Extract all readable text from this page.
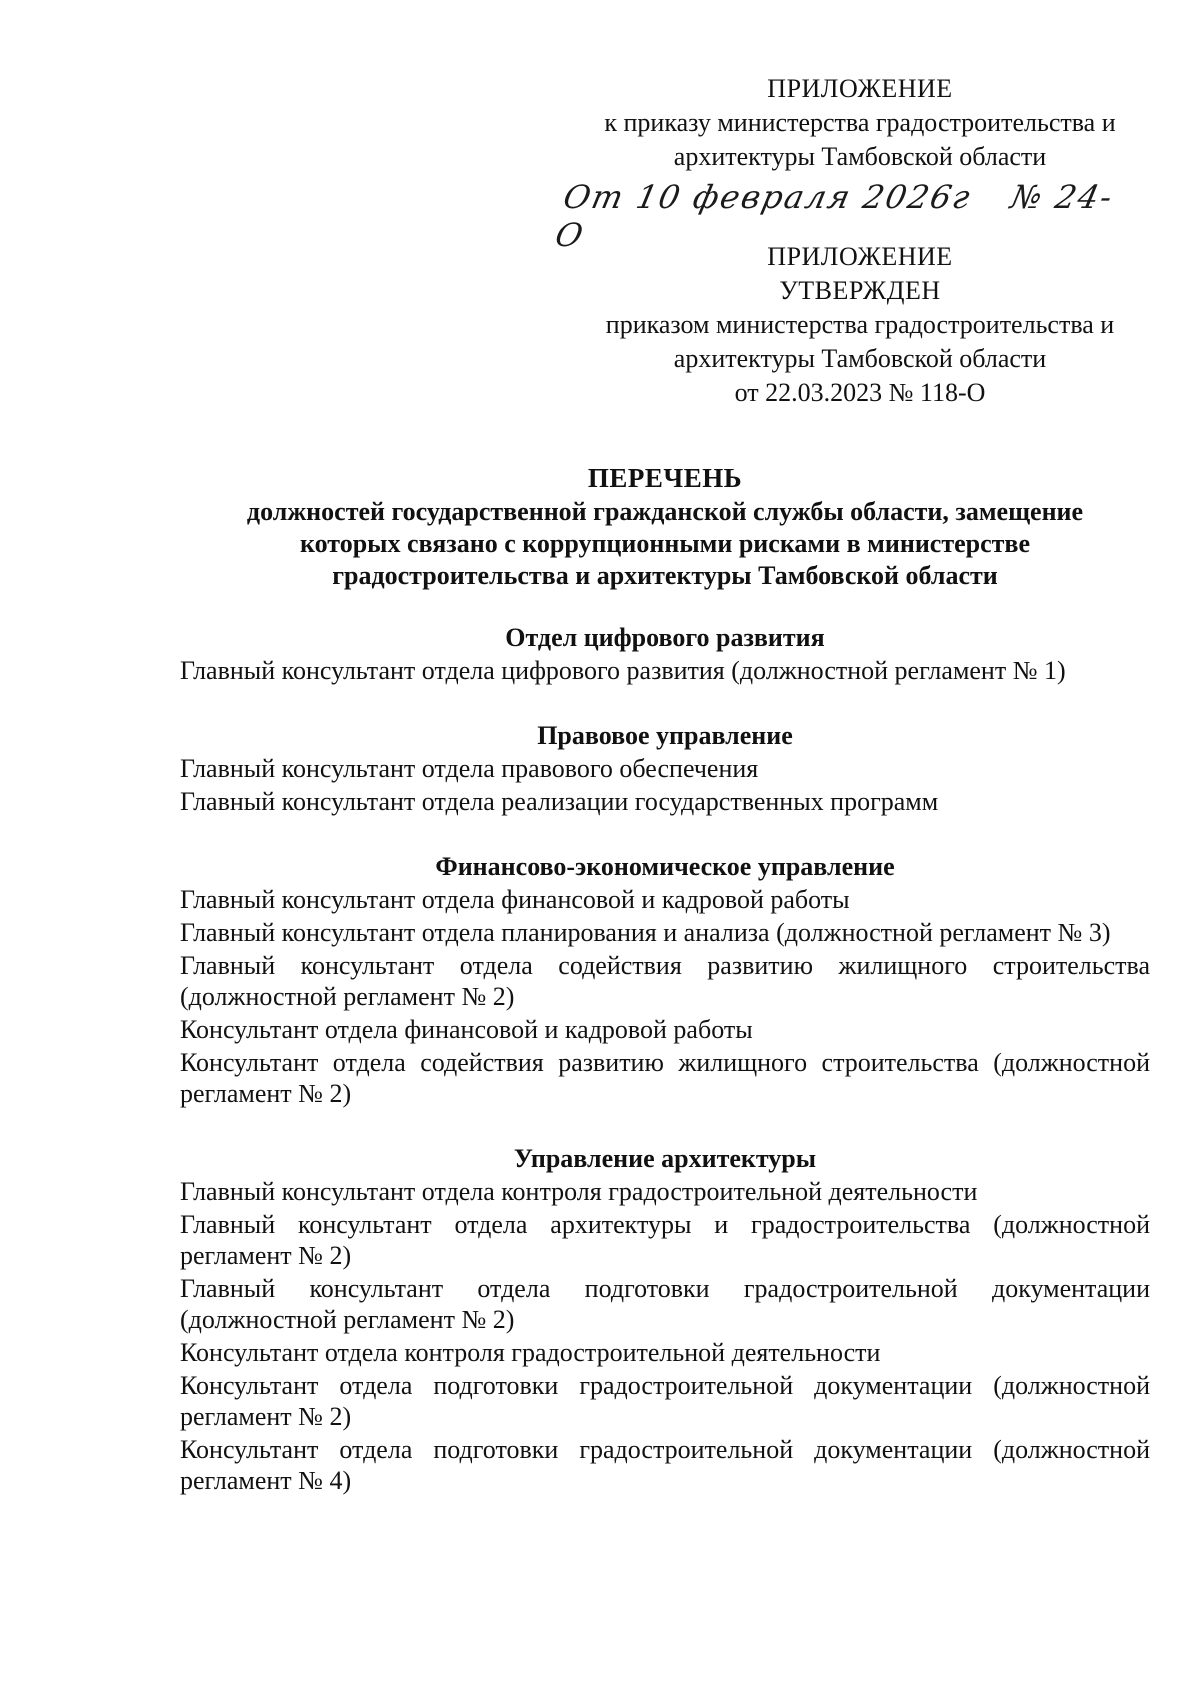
ПРИЛОЖЕНИЕ
к приказу министерства градостроительства и
архитектуры Тамбовской области
От 10 февраля 2026г № 24-О
ПРИЛОЖЕНИЕ
УТВЕРЖДЕН
приказом министерства градостроительства и
архитектуры Тамбовской области
от 22.03.2023 № 118-О
ПЕРЕЧЕНЬ
должностей государственной гражданской службы области, замещение
которых связано с коррупционными рисками в министерстве
градостроительства и архитектуры Тамбовской области
Отдел цифрового развития
Главный консультант отдела цифрового развития (должностной регламент № 1)
Правовое управление
Главный консультант отдела правового обеспечения
Главный консультант отдела реализации государственных программ
Финансово-экономическое управление
Главный консультант отдела финансовой и кадровой работы
Главный консультант отдела планирования и анализа (должностной регламент № 3)
Главный консультант отдела содействия развитию жилищного строительства (должностной регламент № 2)
Консультант отдела финансовой и кадровой работы
Консультант отдела содействия развитию жилищного строительства (должностной регламент № 2)
Управление архитектуры
Главный консультант отдела контроля градостроительной деятельности
Главный консультант отдела архитектуры и градостроительства (должностной регламент № 2)
Главный консультант отдела подготовки градостроительной документации (должностной регламент № 2)
Консультант отдела контроля градостроительной деятельности
Консультант отдела подготовки градостроительной документации (должностной регламент № 2)
Консультант отдела подготовки градостроительной документации (должностной регламент № 4)
